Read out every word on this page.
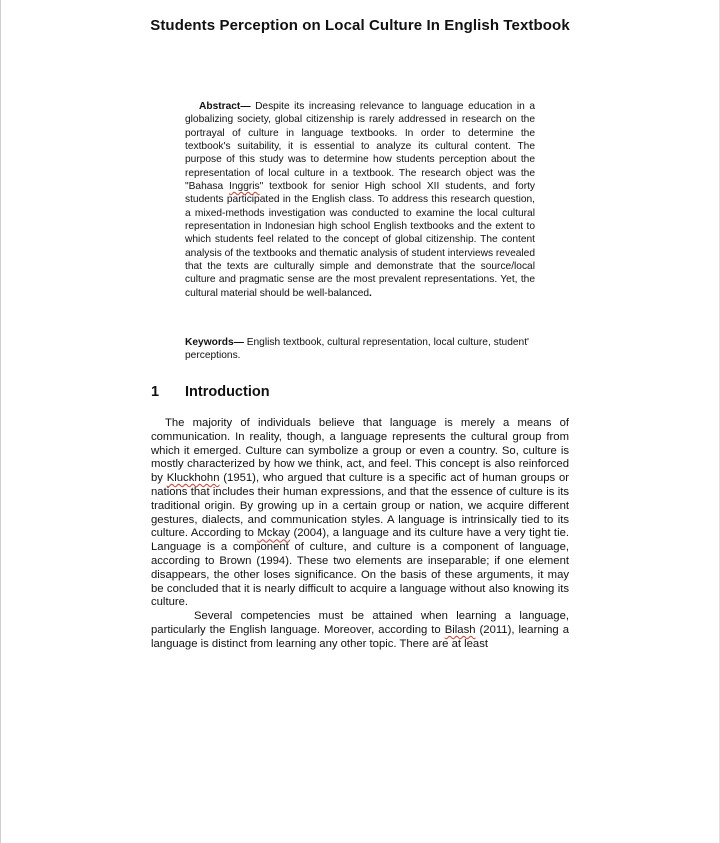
Students Perception on Local Culture In English Textbook
Abstract— Despite its increasing relevance to language education in a globalizing society, global citizenship is rarely addressed in research on the portrayal of culture in language textbooks. In order to determine the textbook's suitability, it is essential to analyze its cultural content. The purpose of this study was to determine how students perception about the representation of local culture in a textbook. The research object was the "Bahasa Inggris" textbook for senior High school XII students, and forty students participated in the English class. To address this research question, a mixed-methods investigation was conducted to examine the local cultural representation in Indonesian high school English textbooks and the extent to which students feel related to the concept of global citizenship. The content analysis of the textbooks and thematic analysis of student interviews revealed that the texts are culturally simple and demonstrate that the source/local culture and pragmatic sense are the most prevalent representations. Yet, the cultural material should be well-balanced.
Keywords— English textbook, cultural representation, local culture, student' perceptions.
1 Introduction

The majority of individuals believe that language is merely a means of communication. In reality, though, a language represents the cultural group from which it emerged. Culture can symbolize a group or even a country. So, culture is mostly characterized by how we think, act, and feel. This concept is also reinforced by Kluckhohn (1951), who argued that culture is a specific act of human groups or nations that includes their human expressions, and that the essence of culture is its traditional origin. By growing up in a certain group or nation, we acquire different gestures, dialects, and communication styles. A language is intrinsically tied to its culture. According to Mckay (2004), a language and its culture have a very tight tie. Language is a component of culture, and culture is a component of language, according to Brown (1994). These two elements are inseparable; if one element disappears, the other loses significance. On the basis of these arguments, it may be concluded that it is nearly difficult to acquire a language without also knowing its culture.

Several competencies must be attained when learning a language, particularly the English language. Moreover, according to Bilash (2011), learning a language is distinct from learning any other topic. There are at least
